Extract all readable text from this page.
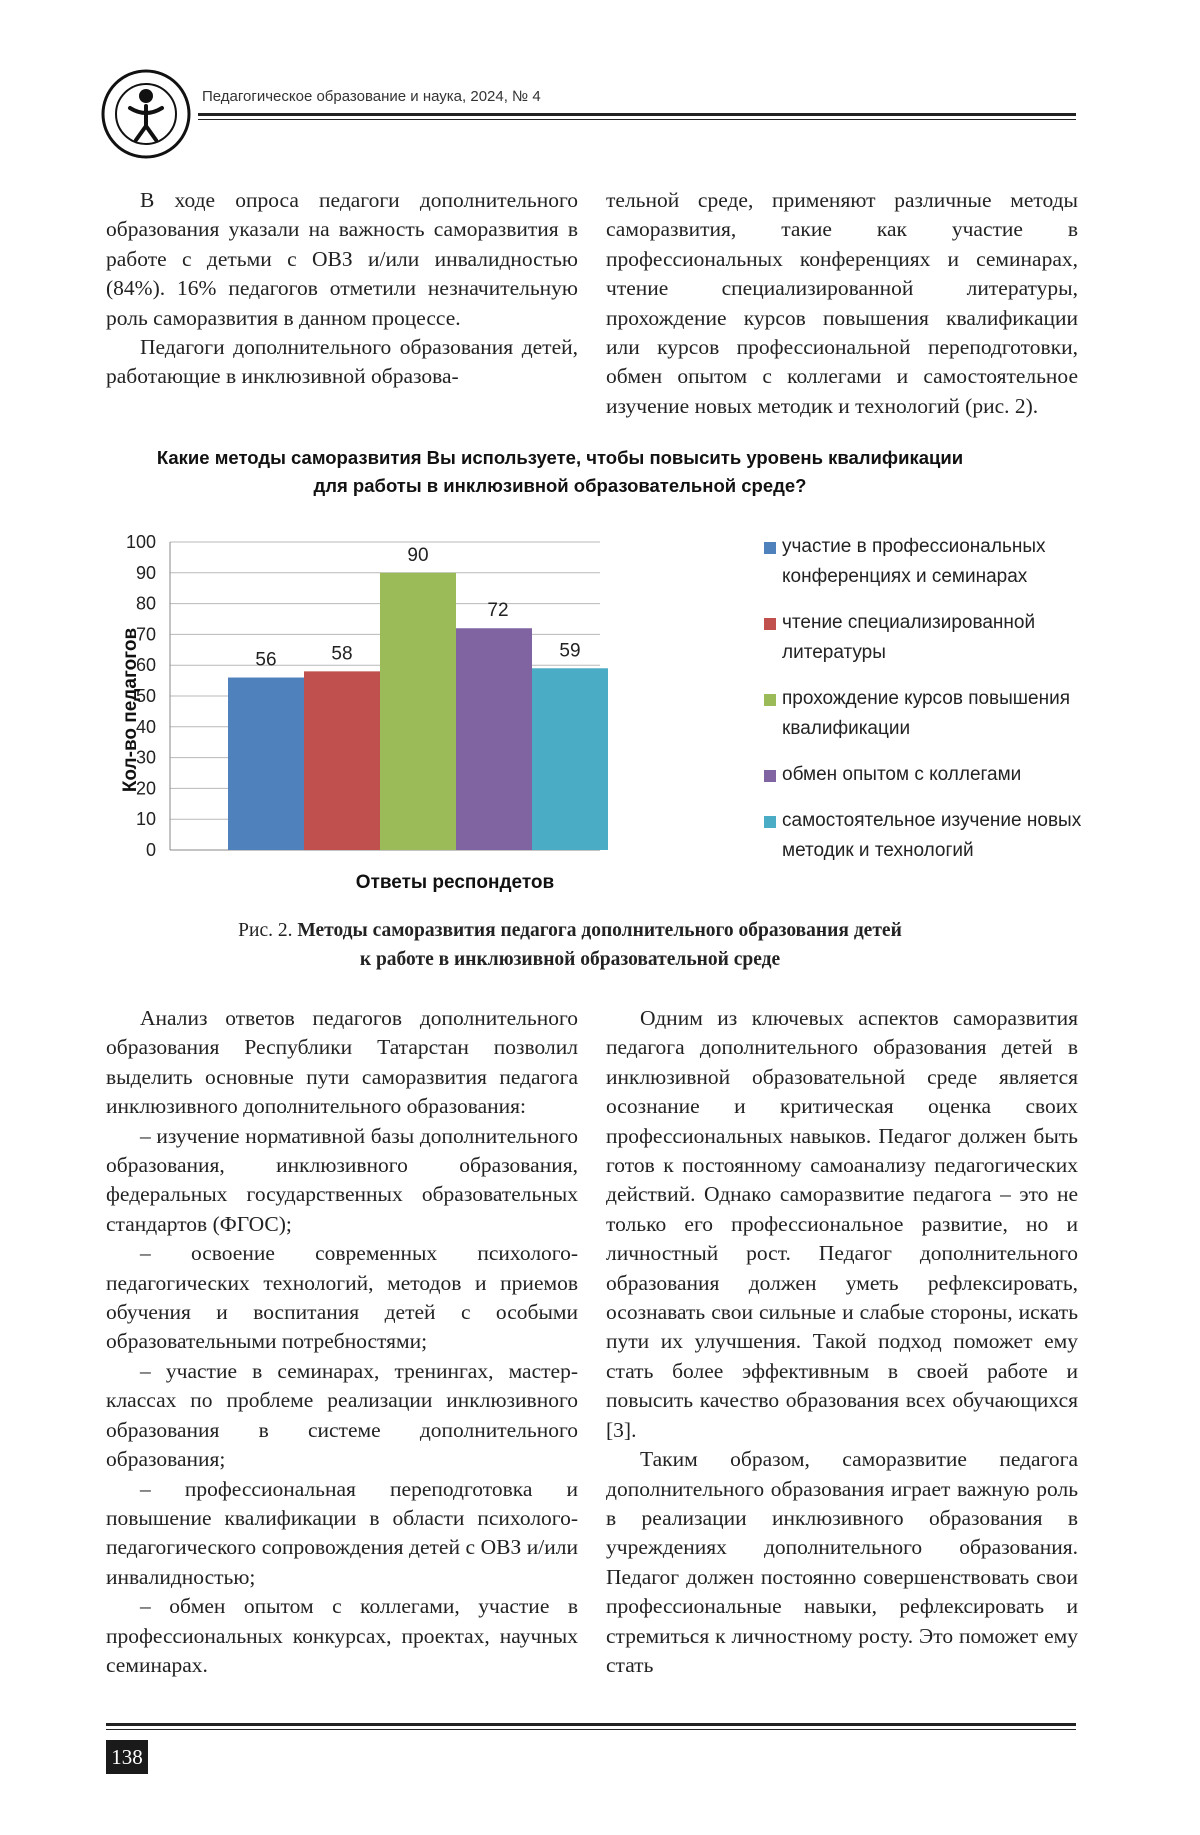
Педагогическое образование и наука, 2024, № 4

В ходе опроса педагоги дополнительного образования указали на важность саморазвития в работе с детьми с ОВЗ и/или инвалидностью (84%). 16% педагогов отметили незначительную роль саморазвития в данном процессе.

Педагоги дополнительного образования детей, работающие в инклюзивной образова-

тельной среде, применяют различные методы саморазвития, такие как участие в профессиональных конференциях и семинарах, чтение специализированной литературы, прохождение курсов повышения квалификации или курсов профессиональной переподготовки, обмен опытом с коллегами и самостоятельное изучение новых методик и технологий (рис. 2).

Какие методы саморазвития Вы используете, чтобы повысить уровень квалификации
для работы в инклюзивной образовательной среде?
0
10
20
30
40
50
60
70
80
90
100
56	58
90
72
59
Кол-во педагогов
Ответы респондетов
участие в профессиональных конференциях и семинарах
чтение специализированной литературы
прохождение курсов повышения квалификации
обмен опытом с коллегами
самостоятельное изучение новых методик и технологий
Рис. 2. Методы саморазвития педагога дополнительного образования детей
к работе в инклюзивной образовательной среде

Анализ ответов педагогов дополнительного образования Республики Татарстан позволил выделить основные пути саморазвития педагога инклюзивного дополнительного образования:

– изучение нормативной базы дополнительного образования, инклюзивного образования, федеральных государственных образовательных стандартов (ФГОС);

– освоение современных психолого-педагогических технологий, методов и приемов обучения и воспитания детей с особыми образовательными потребностями;

– участие в семинарах, тренингах, мастер-классах по проблеме реализации инклюзивного образования в системе дополнительного образования;

– профессиональная переподготовка и повышение квалификации в области психолого-педагогического сопровождения детей с ОВЗ и/или инвалидностью;

– обмен опытом с коллегами, участие в профессиональных конкурсах, проектах, научных семинарах.

Одним из ключевых аспектов саморазвития педагога дополнительного образования детей в инклюзивной образовательной среде является осознание и критическая оценка своих профессиональных навыков. Педагог должен быть готов к постоянному самоанализу педагогических действий. Однако саморазвитие педагога – это не только его профессиональное развитие, но и личностный рост. Педагог дополнительного образования должен уметь рефлексировать, осознавать свои сильные и слабые стороны, искать пути их улучшения. Такой подход поможет ему стать более эффективным в своей работе и повысить качество образования всех обучающихся [3].

Таким образом, саморазвитие педагога дополнительного образования играет важную роль в реализации инклюзивного образования в учреждениях дополнительного образования. Педагог должен постоянно совершенствовать свои профессиональные навыки, рефлексировать и стремиться к личностному росту. Это поможет ему стать

138
